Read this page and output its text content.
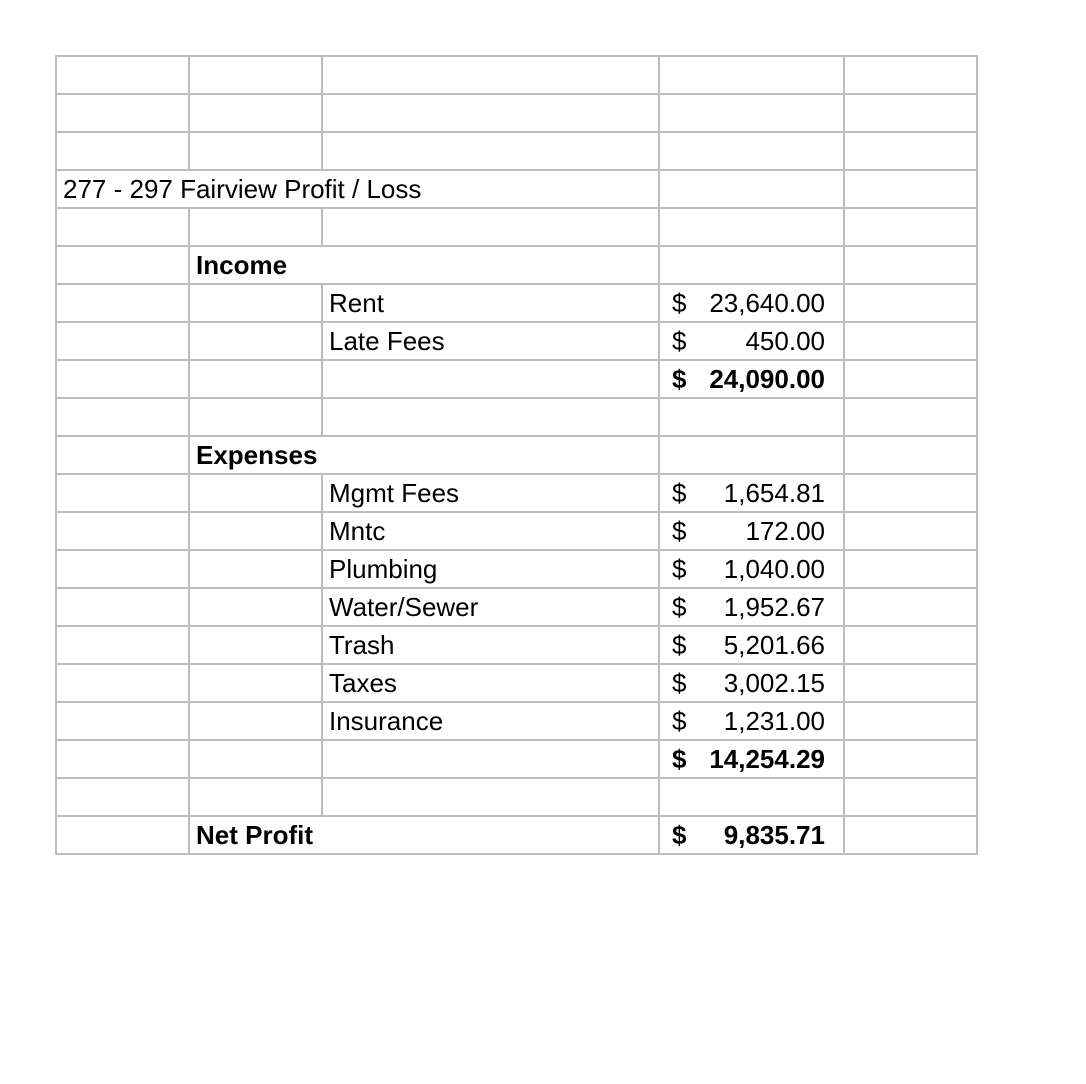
277 - 297 Fairview Profit / Loss				

	Income			
		Rent	$ 23,640.00	

		Late Fees	$ 450.00	

			$ 24,090.00	

	Expenses			
		Mgmt Fees	$ 1,654.81	

		Mntc	$ 172.00	

		Plumbing	$ 1,040.00	

		Water/Sewer	$ 1,952.67	

		Trash	$ 5,201.66	

		Taxes	$ 3,002.15	

		Insurance	$ 1,231.00	

			$ 14,254.29	

	Net Profit		$ 9,835.71	
